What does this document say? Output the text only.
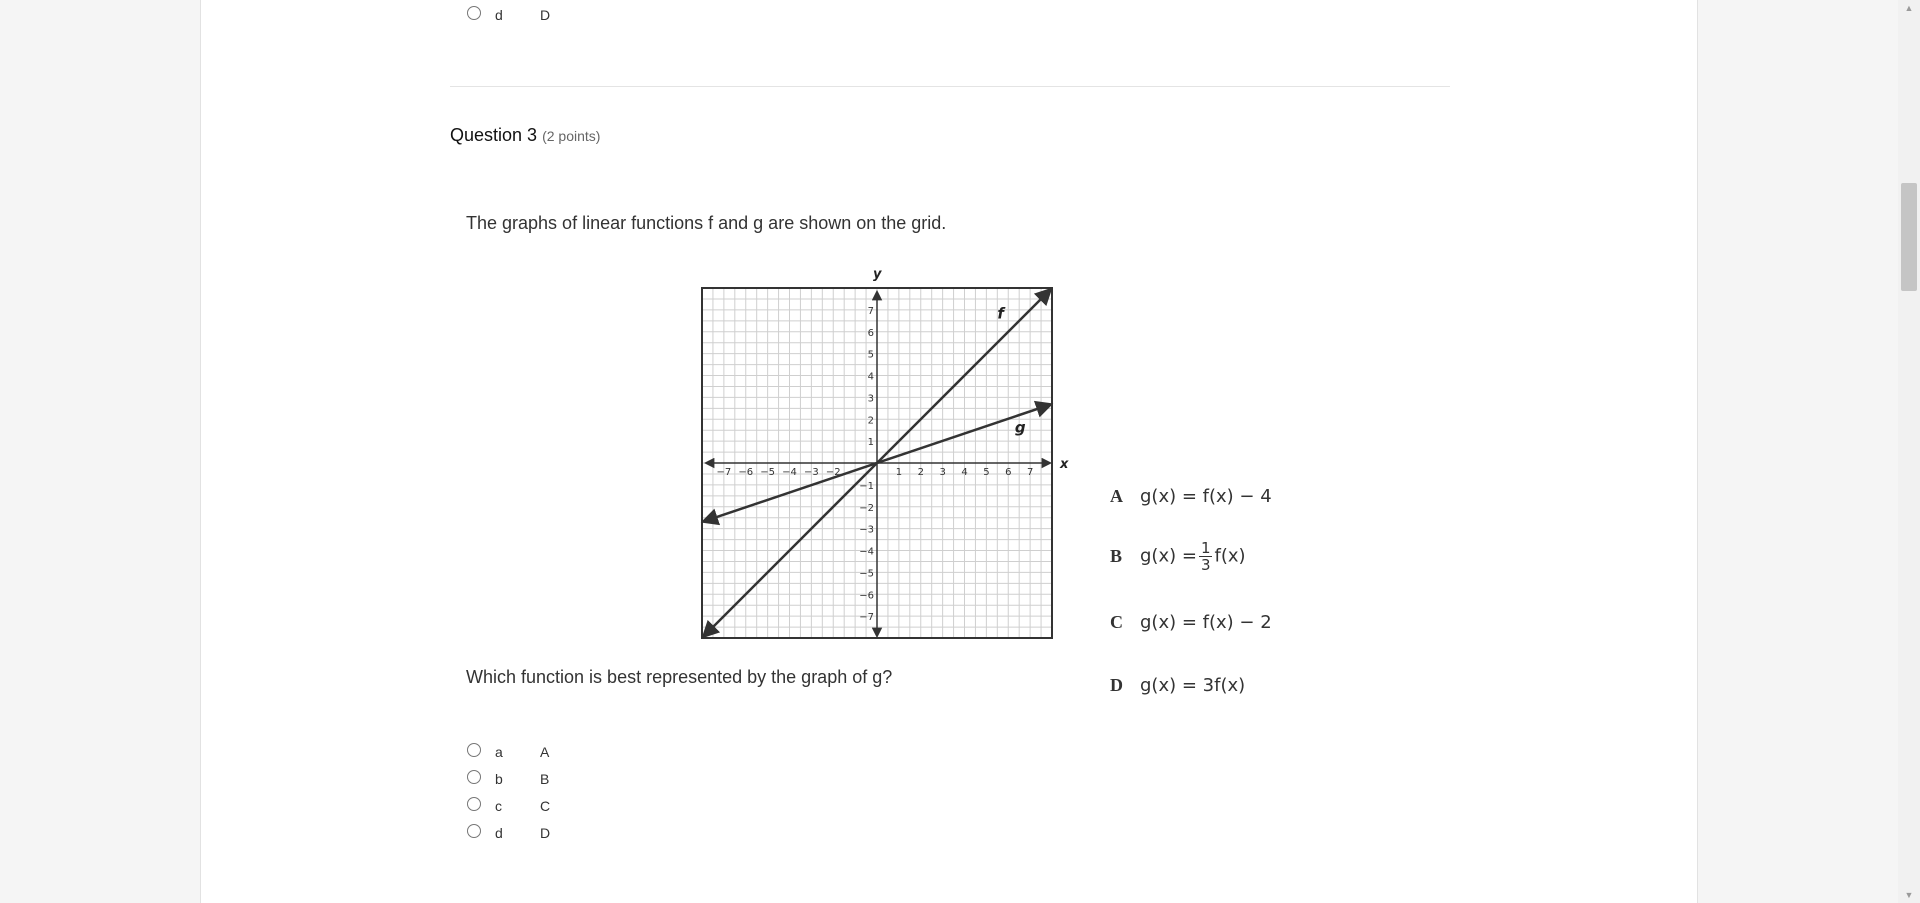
d	D
Question 3 (2 points)
The graphs of linear functions f and g are shown on the grid.
x
y
−7 −6 −5 −4 −3 −2	1 2 3 4 5 6 7
1
−1
2
−2
3
−3
4
−4
5
−5
6
−6
7
−7
f
g
Which function is best represented by the graph of g?
A g(x) = f(x) − 4
B $g(x) = \frac{1}{3} f(x)$
C g(x) = f(x) − 2
D g(x) = 3f(x)
a	A
b	B
c	C
d	D
▲
▼
